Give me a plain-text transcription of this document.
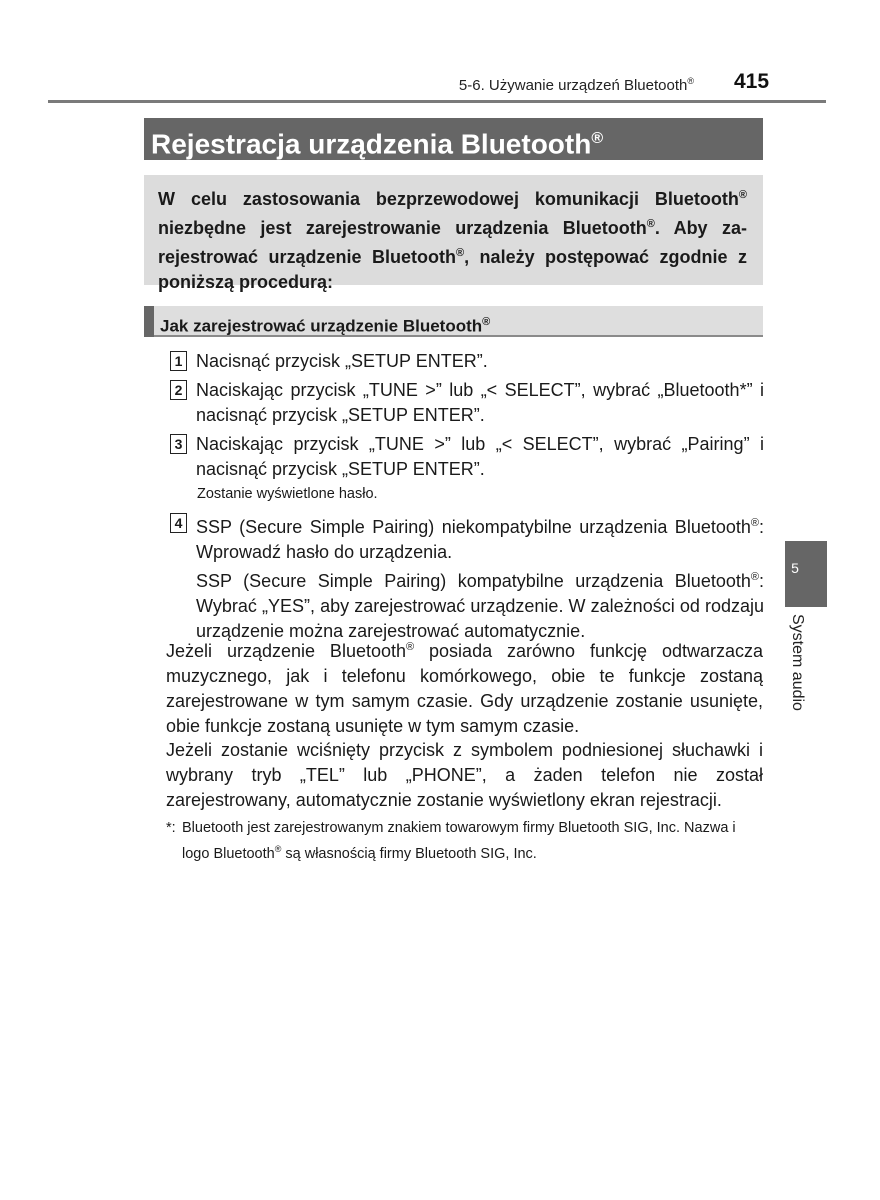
5-6. Używanie urządzeń Bluetooth® 415
Rejestracja urządzenia Bluetooth®
W celu zastosowania bezprzewodowej komunikacji Bluetooth® niezbędne jest zarejestrowanie urządzenia Bluetooth®. Aby za- rejestrować urządzenie Bluetooth®, należy postępować zgodnie z poniższą procedurą:
Jak zarejestrować urządzenie Bluetooth®
1 Nacisnąć przycisk „SETUP ENTER”.
2 Naciskając przycisk „TUNE >” lub „< SELECT”, wybrać „Bluetooth*” i nacisnąć przycisk „SETUP ENTER”.
3 Naciskając przycisk „TUNE >” lub „< SELECT”, wybrać „Pairing” i nacisnąć przycisk „SETUP ENTER”.
Zostanie wyświetlone hasło.
4 SSP (Secure Simple Pairing) niekompatybilne urządzenia Bluetooth®: Wprowadź hasło do urządzenia.
SSP (Secure Simple Pairing) kompatybilne urządzenia Bluetooth®: Wybrać „YES”, aby zarejestrować urządzenie. W zależności od rodzaju urządzenie można zarejestrować automatycznie.
Jeżeli urządzenie Bluetooth® posiada zarówno funkcję odtwarzacza muzycznego, jak i telefonu komórkowego, obie te funkcje zostaną zarejestrowane w tym samym czasie. Gdy urządzenie zostanie usunięte, obie funkcje zostaną usunięte w tym samym czasie.
Jeżeli zostanie wciśnięty przycisk z symbolem podniesionej słuchawki i wybrany tryb „TEL” lub „PHONE”, a żaden telefon nie został zarejestrowany, automatycznie zostanie wyświetlony ekran rejestracji.
*: Bluetooth jest zarejestrowanym znakiem towarowym firmy Bluetooth SIG, Inc. Nazwa i logo Bluetooth® są własnością firmy Bluetooth SIG, Inc.
5
System audio
